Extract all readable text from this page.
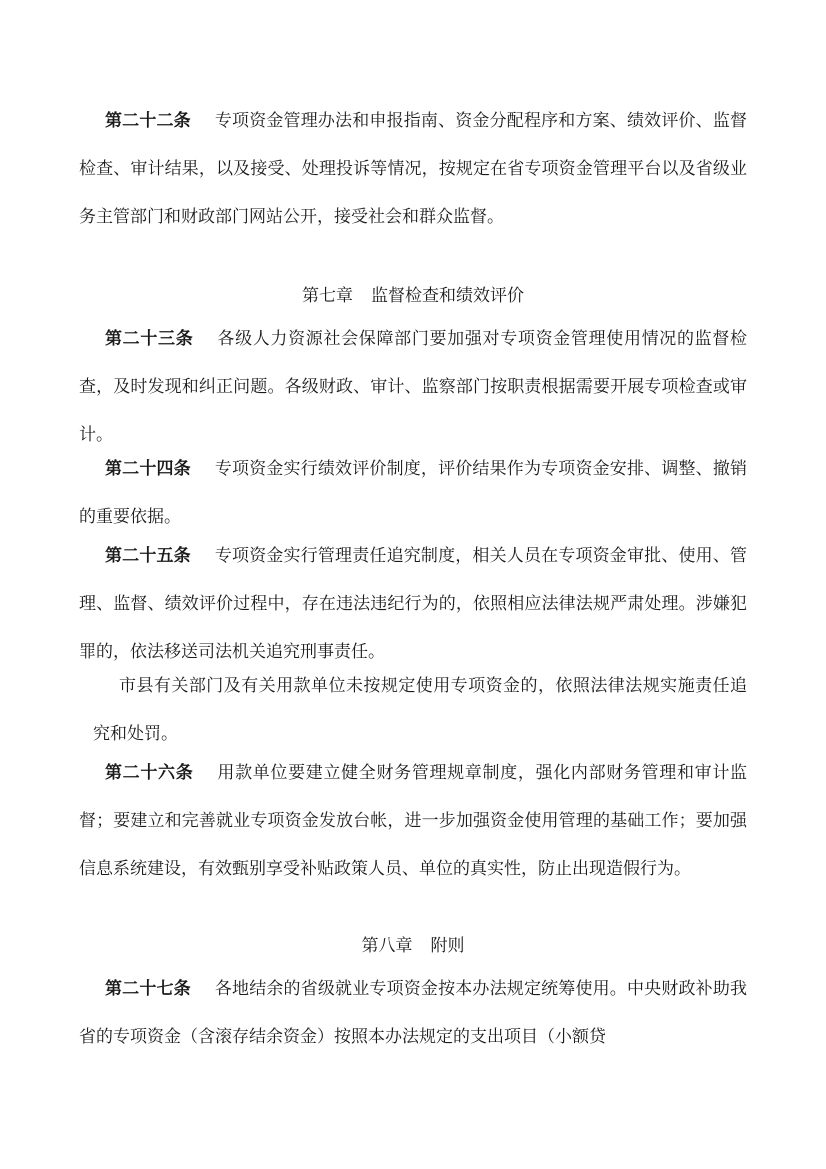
第二十二条 专项资金管理办法和申报指南、资金分配程序和方案、绩效评价、监督检查、审计结果，以及接受、处理投诉等情况，按规定在省专项资金管理平台以及省级业务主管部门和财政部门网站公开，接受社会和群众监督。

第七章 监督检查和绩效评价

第二十三条 各级人力资源社会保障部门要加强对专项资金管理使用情况的监督检查，及时发现和纠正问题。各级财政、审计、监察部门按职责根据需要开展专项检查或审计。

第二十四条 专项资金实行绩效评价制度，评价结果作为专项资金安排、调整、撤销的重要依据。

第二十五条 专项资金实行管理责任追究制度，相关人员在专项资金审批、使用、管理、监督、绩效评价过程中，存在违法违纪行为的，依照相应法律法规严肃处理。涉嫌犯罪的，依法移送司法机关追究刑事责任。

市县有关部门及有关用款单位未按规定使用专项资金的，依照法律法规实施责任追究和处罚。

第二十六条 用款单位要建立健全财务管理规章制度，强化内部财务管理和审计监督；要建立和完善就业专项资金发放台帐，进一步加强资金使用管理的基础工作；要加强信息系统建设，有效甄别享受补贴政策人员、单位的真实性，防止出现造假行为。

第八章 附则

第二十七条 各地结余的省级就业专项资金按本办法规定统筹使用。中央财政补助我省的专项资金（含滚存结余资金）按照本办法规定的支出项目（小额贷
